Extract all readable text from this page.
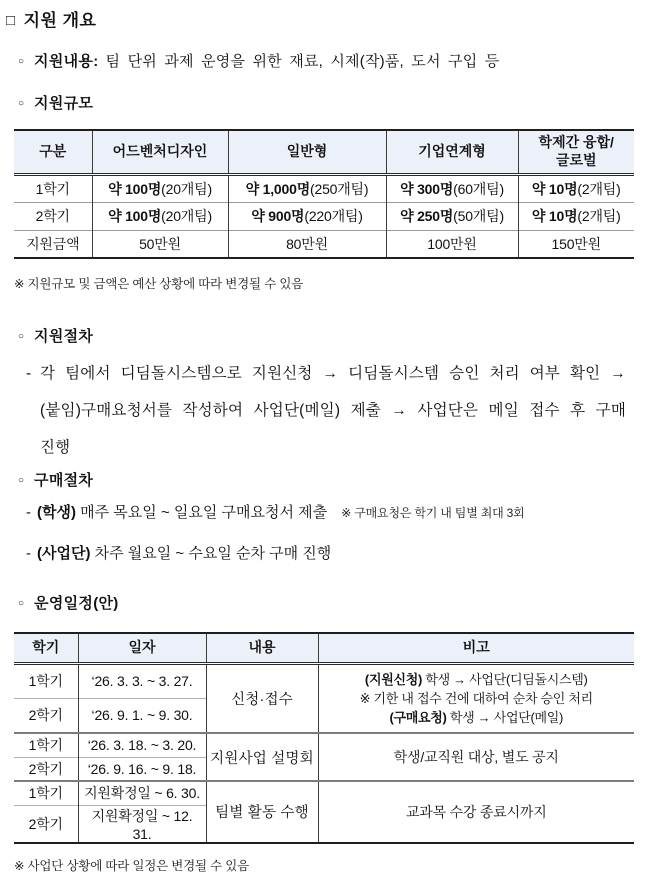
□ 지원 개요
○ 지원내용: 팀 단위 과제 운영을 위한 재료, 시제(작)품, 도서 구입 등
○ 지원규모
구분	어드벤처디자인	일반형	기업연계형	학제간 융합/
글로벌
1학기	약 100명(20개팀)	약 1,000명(250개팀)	약 300명(60개팀)	약 10명(2개팀)
2학기	약 100명(20개팀)	약 900명(220개팀)	약 250명(50개팀)	약 10명(2개팀)
지원금액	50만원	80만원	100만원	150만원
※ 지원규모 및 금액은 예산 상황에 따라 변경될 수 있음
○ 지원절차
- 각 팀에서 디딤돌시스템으로 지원신청 → 디딤돌시스템 승인 처리 여부 확인 → (붙임)구매요청서를 작성하여 사업단(메일) 제출 → 사업단은 메일 접수 후 구매 진행
○ 구매절차
- (학생) 매주 목요일 ~ 일요일 구매요청서 제출 ※ 구매요청은 학기 내 팀별 최대 3회
- (사업단) 차주 월요일 ~ 수요일 순차 구매 진행
○ 운영일정(안)
학기	일자	내용	비고
1학기	‘26. 3. 3. ~ 3. 27.	신청·접수	(지원신청) 학생 → 사업단(디딤돌시스템)
※ 기한 내 접수 건에 대하여 순차 승인 처리
(구매요청) 학생 → 사업단(메일)

2학기	‘26. 9. 1. ~ 9. 30.		
1학기	‘26. 3. 18. ~ 3. 20.	지원사업 설명회	학생/교직원 대상, 별도 공지
2학기	‘26. 9. 16. ~ 9. 18.		
1학기	지원확정일 ~ 6. 30.	팀별 활동 수행	교과목 수강 종료시까지
2학기	지원확정일 ~ 12. 31.		
※ 사업단 상황에 따라 일정은 변경될 수 있음
